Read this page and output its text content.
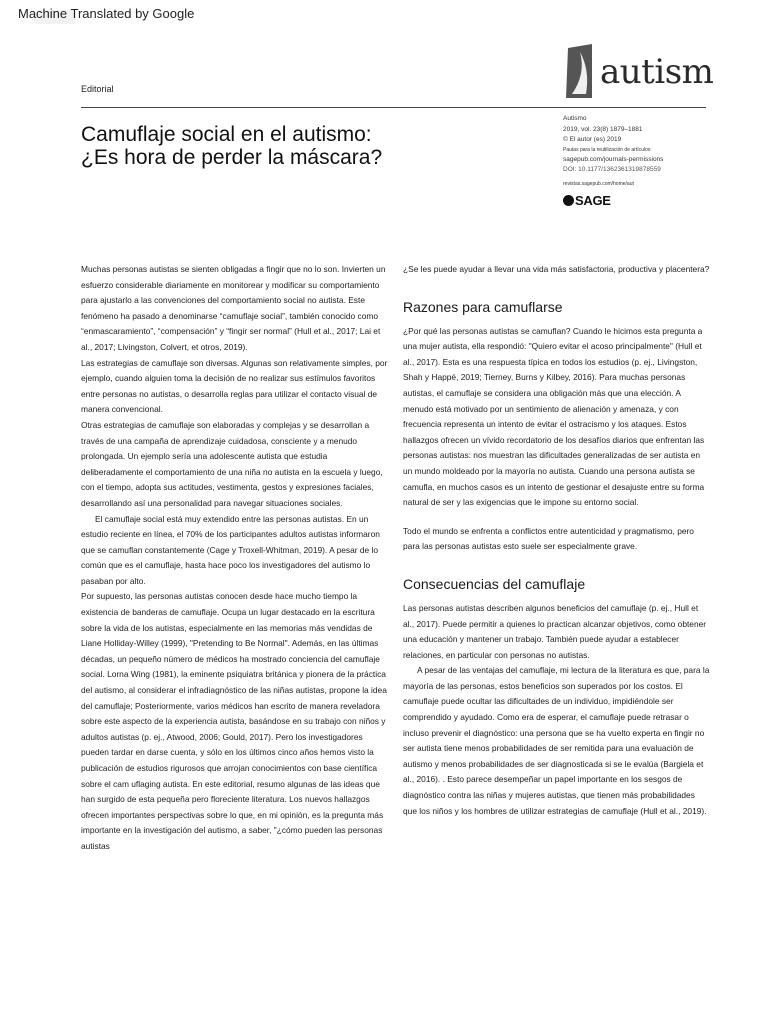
Machine Translated by Google
Editorial	autism
Camuflaje social en el autismo:
¿Es hora de perder la máscara?
Autismo
2019, vol. 23(8) 1879–1881
© El autor (es) 2019
Pautas para la reutilización de artículos:
sagepub.com/journals-permissions
DOI: 10.1177/1362361319878559
revistas.sagepub.com/home/aut
SAGE

Muchas personas autistas se sienten obligadas a fingir que no lo son. Invierten un esfuerzo considerable diariamente en monitorear y modificar su comportamiento para ajustarlo a las convenciones del comportamiento social no autista. Este fenómeno ha pasado a denominarse “camuflaje social”, también conocido como “enmascaramiento”, “compensación” y “fingir ser normal” (Hull et al., 2017; Lai et al., 2017; Livingston, Colvert, et otros, 2019).

Las estrategias de camuflaje son diversas. Algunas son relativamente simples, por ejemplo, cuando alguien toma la decisión de no realizar sus estímulos favoritos entre personas no autistas, o desarrolla reglas para utilizar el contacto visual de manera convencional.

Otras estrategias de camuflaje son elaboradas y complejas y se desarrollan a través de una campaña de aprendizaje cuidadosa, consciente y a menudo prolongada. Un ejemplo sería una adolescente autista que estudia deliberadamente el comportamiento de una niña no autista en la escuela y luego, con el tiempo, adopta sus actitudes, vestimenta, gestos y expresiones faciales, desarrollando así una personalidad para navegar situaciones sociales.

El camuflaje social está muy extendido entre las personas autistas. En un estudio reciente en línea, el 70% de los participantes adultos autistas informaron que se camuflan constantemente (Cage y Troxell-Whitman, 2019). A pesar de lo común que es el camuflaje, hasta hace poco los investigadores del autismo lo pasaban por alto.

Por supuesto, las personas autistas conocen desde hace mucho tiempo la existencia de banderas de camuflaje. Ocupa un lugar destacado en la escritura sobre la vida de los autistas, especialmente en las memorias más vendidas de Liane Holliday-Willey (1999), "Pretending to Be Normal". Además, en las últimas décadas, un pequeño número de médicos ha mostrado conciencia del camuflaje social. Lorna Wing (1981), la eminente psiquiatra británica y pionera de la práctica del autismo, al considerar el infradiagnóstico de las niñas autistas, propone la idea del camuflaje; Posteriormente, varios médicos han escrito de manera reveladora sobre este aspecto de la experiencia autista, basándose en su trabajo con niños y adultos autistas (p. ej., Atwood, 2006; Gould, 2017). Pero los investigadores pueden tardar en darse cuenta, y sólo en los últimos cinco años hemos visto la publicación de estudios rigurosos que arrojan conocimientos con base científica sobre el cam uflaging autista. En este editorial, resumo algunas de las ideas que han surgido de esta pequeña pero floreciente literatura. Los nuevos hallazgos ofrecen importantes perspectivas sobre lo que, en mi opinión, es la pregunta más importante en la investigación del autismo, a saber, "¿cómo pueden las personas autistas

¿Se les puede ayudar a llevar una vida más satisfactoria, productiva y placentera?

Razones para camuflarse

¿Por qué las personas autistas se camuflan? Cuando le hicimos esta pregunta a una mujer autista, ella respondió: "Quiero evitar el acoso principalmente" (Hull et al., 2017). Esta es una respuesta típica en todos los estudios (p. ej., Livingston, Shah y Happé, 2019; Tierney, Burns y Kilbey, 2016). Para muchas personas autistas, el camuflaje se considera una obligación más que una elección. A menudo está motivado por un sentimiento de alienación y amenaza, y con frecuencia representa un intento de evitar el ostracismo y los ataques. Estos hallazgos ofrecen un vívido recordatorio de los desafíos diarios que enfrentan las personas autistas: nos muestran las dificultades generalizadas de ser autista en un mundo moldeado por la mayoría no autista. Cuando una persona autista se camufla, en muchos casos es un intento de gestionar el desajuste entre su forma natural de ser y las exigencias que le impone su entorno social.

Todo el mundo se enfrenta a conflictos entre autenticidad y pragmatismo, pero para las personas autistas esto suele ser especialmente grave.

Consecuencias del camuflaje

Las personas autistas describen algunos beneficios del camuflaje (p. ej., Hull et al., 2017). Puede permitir a quienes lo practican alcanzar objetivos, como obtener una educación y mantener un trabajo. También puede ayudar a establecer relaciones, en particular con personas no autistas.

A pesar de las ventajas del camuflaje, mi lectura de la literatura es que, para la mayoría de las personas, estos beneficios son superados por los costos. El camuflaje puede ocultar las dificultades de un individuo, impidiéndole ser comprendido y ayudado. Como era de esperar, el camuflaje puede retrasar o incluso prevenir el diagnóstico: una persona que se ha vuelto experta en fingir no ser autista tiene menos probabilidades de ser remitida para una evaluación de autismo y menos probabilidades de ser diagnosticada si se le evalúa (Bargiela et al., 2016). . Esto parece desempeñar un papel importante en los sesgos de diagnóstico contra las niñas y mujeres autistas, que tienen más probabilidades que los niños y los hombres de utilizar estrategias de camuflaje (Hull et al., 2019).
